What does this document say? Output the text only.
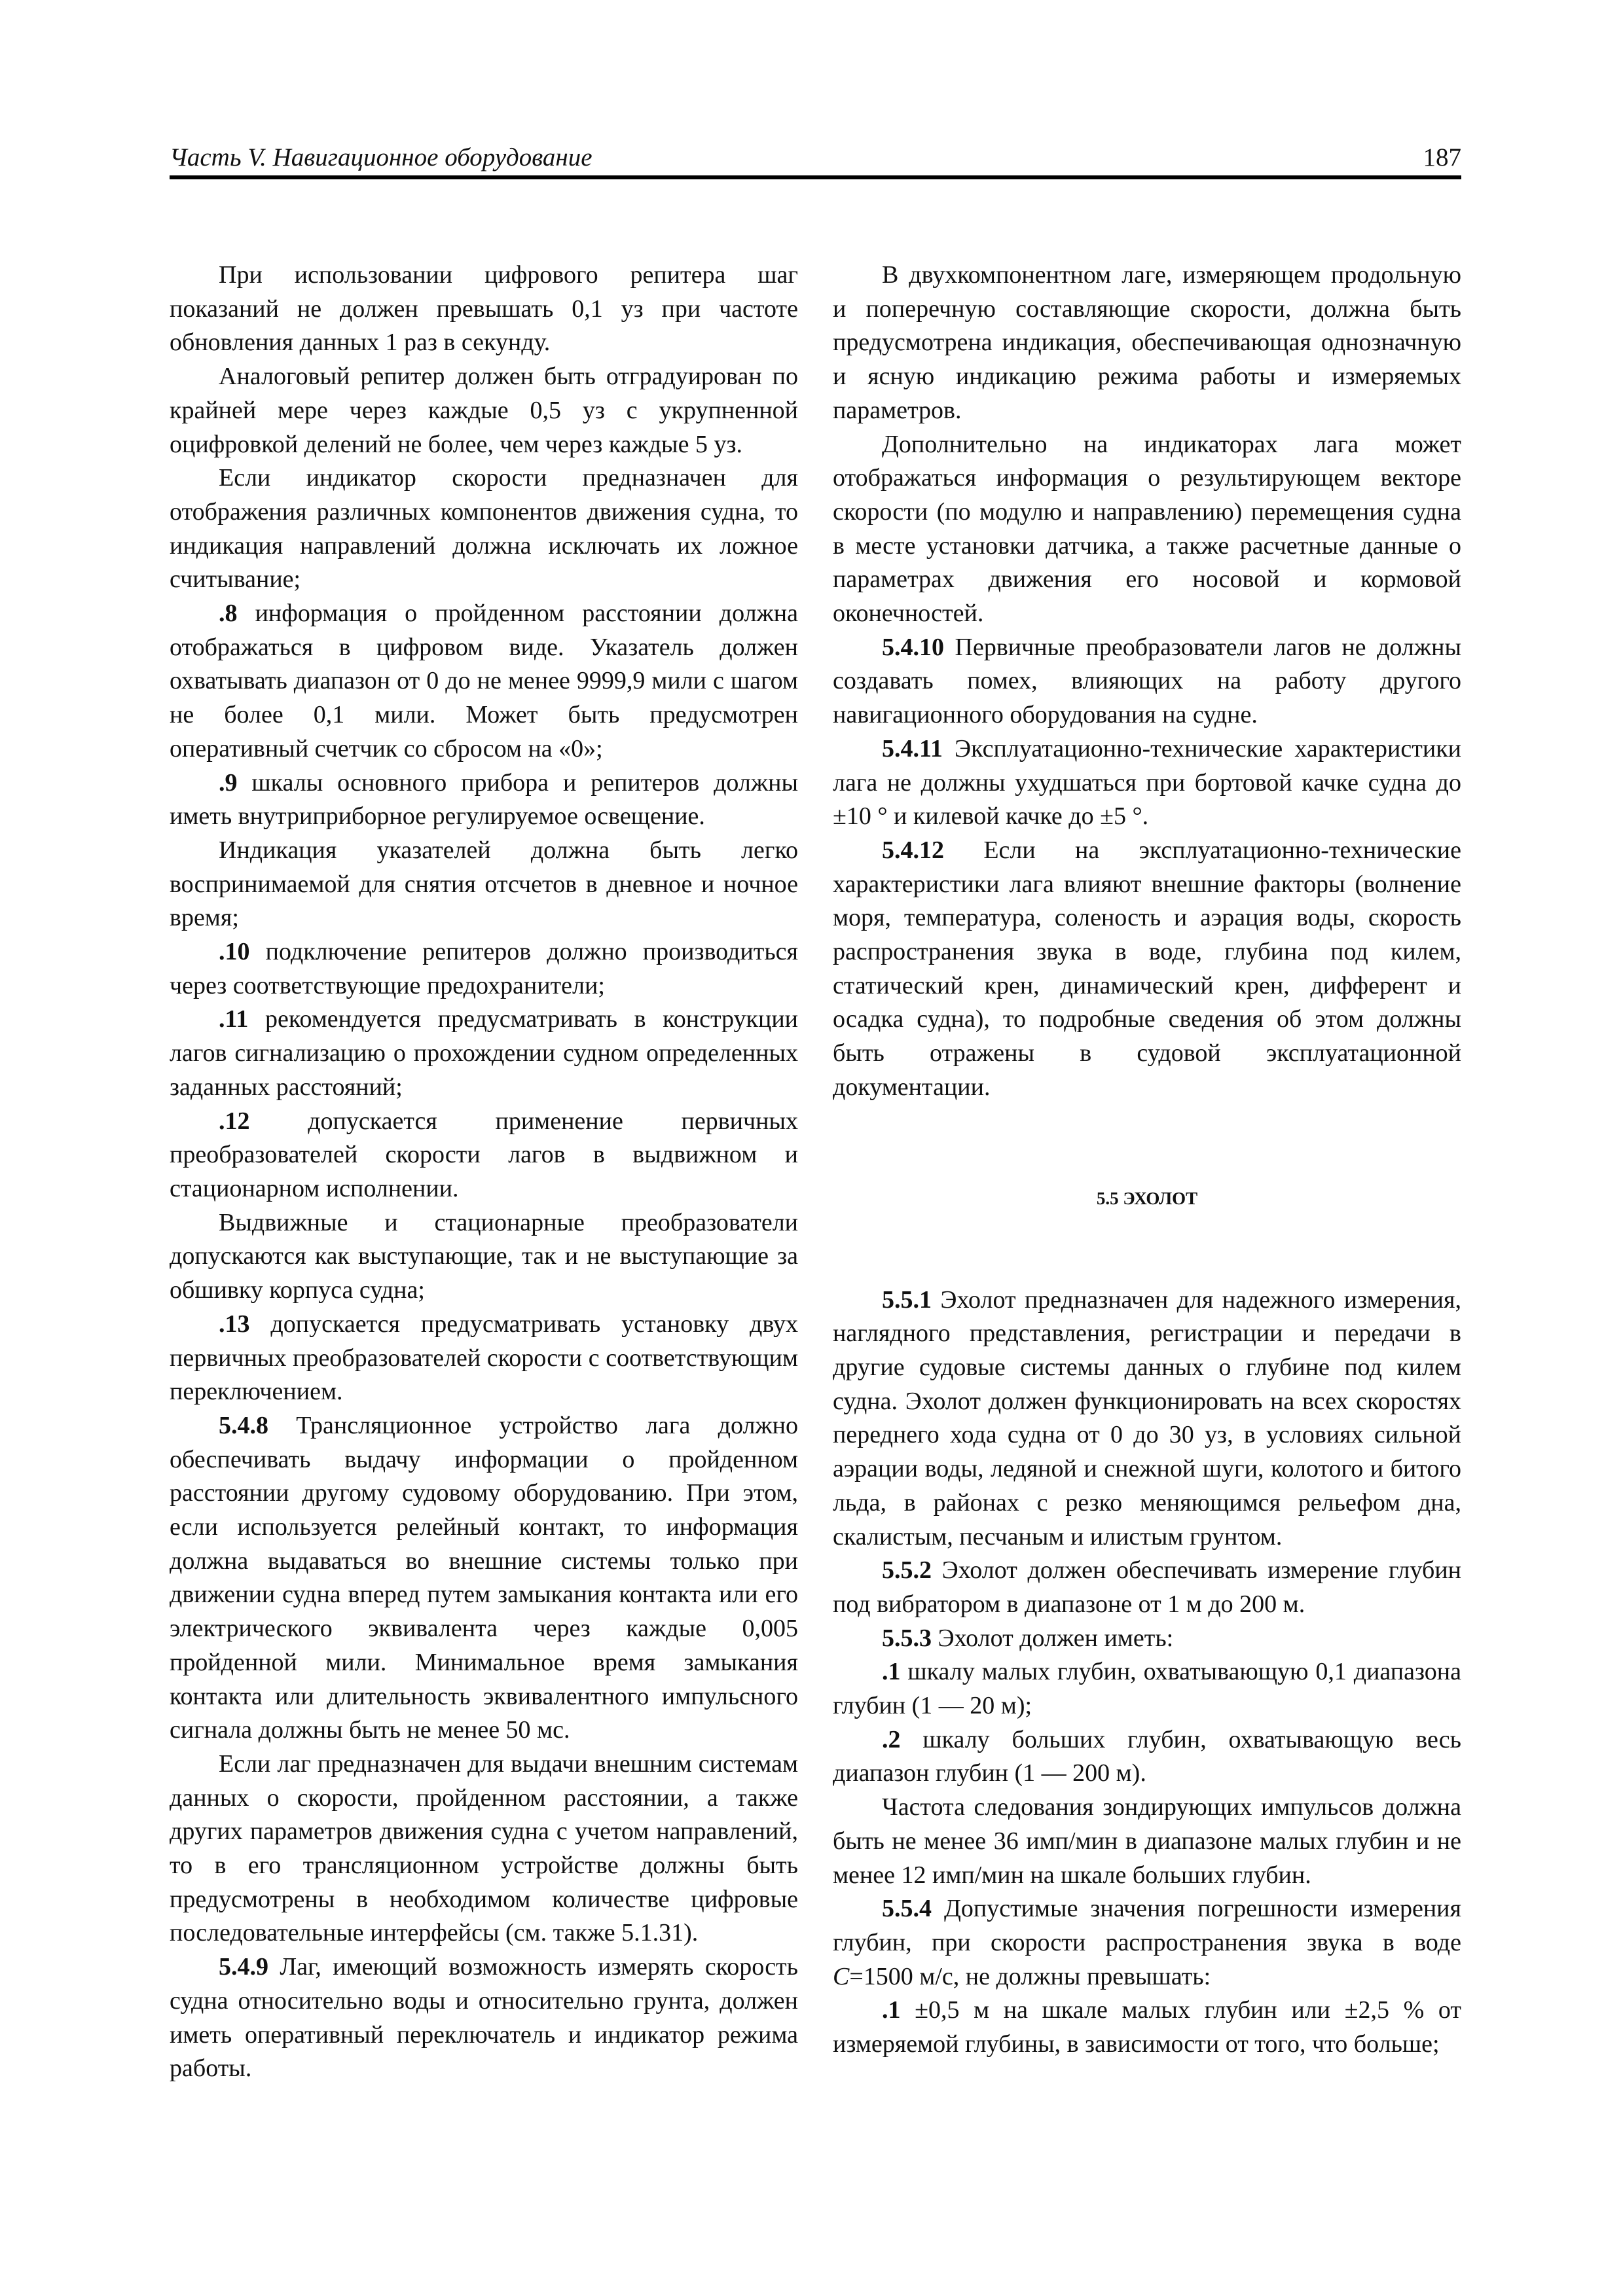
Часть V. Навигационное оборудование	187

При использовании цифрового репитера шаг показаний не должен превышать 0,1 уз при частоте обновления данных 1 раз в секунду.

Аналоговый репитер должен быть отградуирован по крайней мере через каждые 0,5 уз с укрупненной оцифровкой делений не более, чем через каждые 5 уз.

Если индикатор скорости предназначен для отображения различных компонентов движения судна, то индикация направлений должна исключать их ложное считывание;

.8 информация о пройденном расстоянии должна отображаться в цифровом виде. Указатель должен охватывать диапазон от 0 до не менее 9999,9 мили с шагом не более 0,1 мили. Может быть предусмотрен оперативный счетчик со сбросом на «0»;

.9 шкалы основного прибора и репитеров должны иметь внутриприборное регулируемое освещение.

Индикация указателей должна быть легко воспринимаемой для снятия отсчетов в дневное и ночное время;

.10 подключение репитеров должно производиться через соответствующие предохранители;

.11 рекомендуется предусматривать в конструкции лагов сигнализацию о прохождении судном определенных заданных расстояний;

.12 допускается применение первичных преобразователей скорости лагов в выдвижном и стационарном исполнении.

Выдвижные и стационарные преобразователи допускаются как выступающие, так и не выступающие за обшивку корпуса судна;

.13 допускается предусматривать установку двух первичных преобразователей скорости с соответствующим переключением.

5.4.8 Трансляционное устройство лага должно обеспечивать выдачу информации о пройденном расстоянии другому судовому оборудованию. При этом, если используется релейный контакт, то информация должна выдаваться во внешние системы только при движении судна вперед путем замыкания контакта или его электрического эквивалента через каждые 0,005 пройденной мили. Минимальное время замыкания контакта или длительность эквивалентного импульсного сигнала должны быть не менее 50 мс.

Если лаг предназначен для выдачи внешним системам данных о скорости, пройденном расстоянии, а также других параметров движения судна с учетом направлений, то в его трансляционном устройстве должны быть предусмотрены в необходимом количестве цифровые последовательные интерфейсы (см. также 5.1.31).

5.4.9 Лаг, имеющий возможность измерять скорость судна относительно воды и относительно грунта, должен иметь оперативный переключатель и индикатор режима работы.

В двухкомпонентном лаге, измеряющем продольную и поперечную составляющие скорости, должна быть предусмотрена индикация, обеспечивающая однозначную и ясную индикацию режима работы и измеряемых параметров.

Дополнительно на индикаторах лага может отображаться информация о результирующем векторе скорости (по модулю и направлению) перемещения судна в месте установки датчика, а также расчетные данные о параметрах движения его носовой и кормовой оконечностей.

5.4.10 Первичные преобразователи лагов не должны создавать помех, влияющих на работу другого навигационного оборудования на судне.

5.4.11 Эксплуатационно-технические характеристики лага не должны ухудшаться при бортовой качке судна до ±10 ° и килевой качке до ±5 °.

5.4.12 Если на эксплуатационно-технические характеристики лага влияют внешние факторы (волнение моря, температура, соленость и аэрация воды, скорость распространения звука в воде, глубина под килем, статический крен, динамический крен, дифферент и осадка судна), то подробные сведения об этом должны быть отражены в судовой эксплуатационной документации.

5.5 ЭХОЛОТ

5.5.1 Эхолот предназначен для надежного измерения, наглядного представления, регистрации и передачи в другие судовые системы данных о глубине под килем судна. Эхолот должен функционировать на всех скоростях переднего хода судна от 0 до 30 уз, в условиях сильной аэрации воды, ледяной и снежной шуги, колотого и битого льда, в районах с резко меняющимся рельефом дна, скалистым, песчаным и илистым грунтом.

5.5.2 Эхолот должен обеспечивать измерение глубин под вибратором в диапазоне от 1 м до 200 м.

5.5.3 Эхолот должен иметь:

.1 шкалу малых глубин, охватывающую 0,1 диапазона глубин (1 — 20 м);

.2 шкалу больших глубин, охватывающую весь диапазон глубин (1 — 200 м).

Частота следования зондирующих импульсов должна быть не менее 36 имп/мин в диапазоне малых глубин и не менее 12 имп/мин на шкале больших глубин.

5.5.4 Допустимые значения погрешности измерения глубин, при скорости распространения звука в воде C=1500 м/с, не должны превышать:

.1 ±0,5 м на шкале малых глубин или ±2,5 % от измеряемой глубины, в зависимости от того, что больше;
